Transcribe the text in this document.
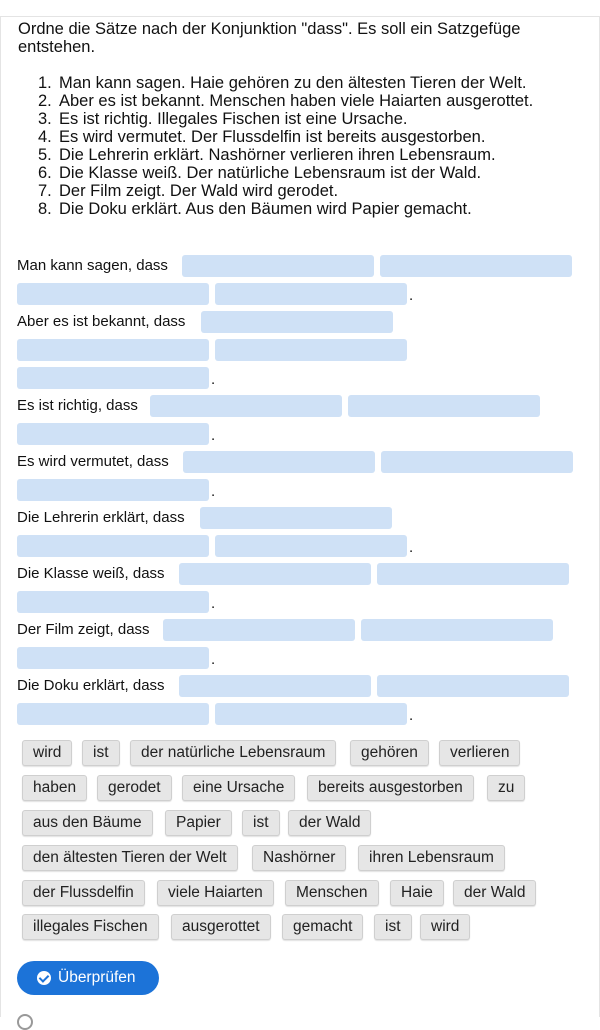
Ordne die Sätze nach der Konjunktion "dass". Es soll ein Satzgefüge entstehen.

1. Man kann sagen. Haie gehören zu den ältesten Tieren der Welt.
2. Aber es ist bekannt. Menschen haben viele Haiarten ausgerottet.
3. Es ist richtig. Illegales Fischen ist eine Ursache.
4. Es wird vermutet. Der Flussdelfin ist bereits ausgestorben.
5. Die Lehrerin erklärt. Nashörner verlieren ihren Lebensraum.
6. Die Klasse weiß. Der natürliche Lebensraum ist der Wald.
7. Der Film zeigt. Der Wald wird gerodet.
8. Die Doku erklärt. Aus den Bäumen wird Papier gemacht.
Man kann sagen, dass
.
Aber es ist bekannt, dass
.
Es ist richtig, dass
.
Es wird vermutet, dass
.
Die Lehrerin erklärt, dass
.
Die Klasse weiß, dass
.
Der Film zeigt, dass
.
Die Doku erklärt, dass
.
wird	ist	der natürliche Lebensraum	gehören	verlieren
haben	gerodet	eine Ursache	bereits ausgestorben	zu
aus den Bäume	Papier	ist	der Wald
den ältesten Tieren der Welt	Nashörner	ihren Lebensraum
der Flussdelfin	viele Haiarten	Menschen	Haie	der Wald
illegales Fischen	ausgerottet	gemacht	ist	wird
Überprüfen
